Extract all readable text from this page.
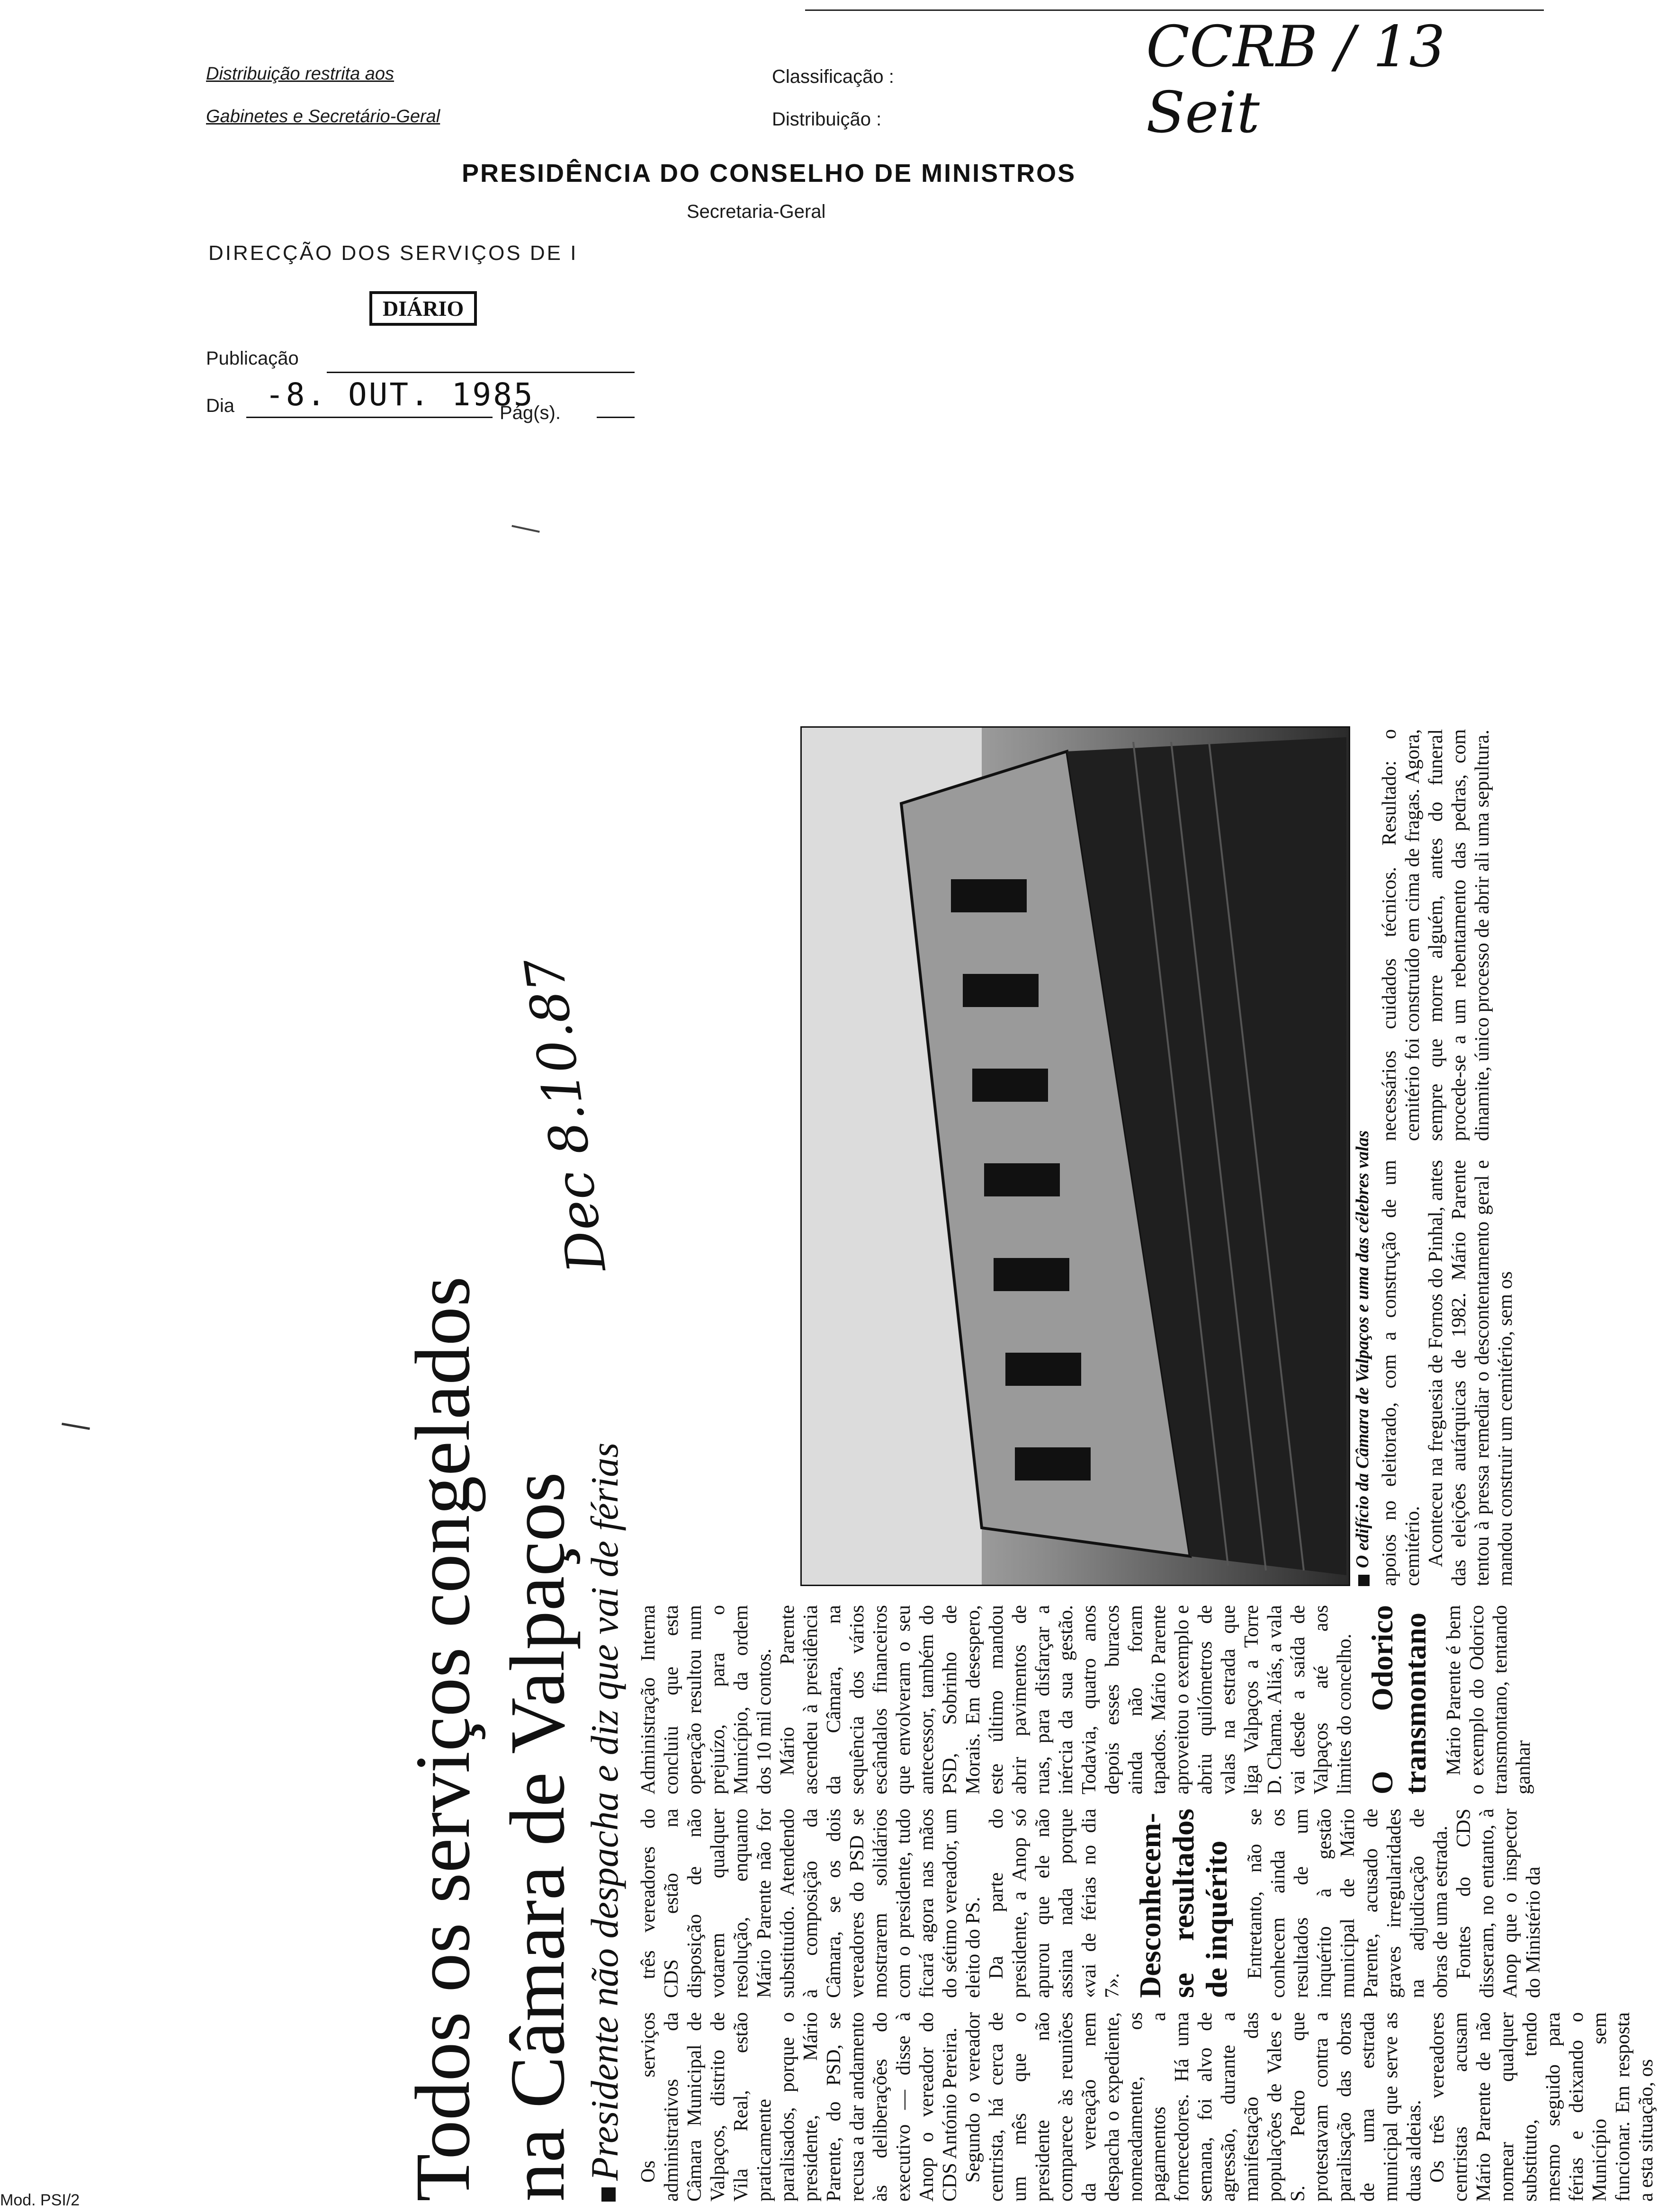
Distribuição restrita aos
Gabinetes e Secretário-Geral
Classificação :
Distribuição :
CCRB / 13 Seit
PRESIDÊNCIA DO CONSELHO DE MINISTROS
Secretaria-Geral
DIRECÇÃO DOS SERVIÇOS DE I
DIÁRIO
Publicação
Dia -8. OUT. 1985
Pág(s).
Mod. PSI/2	Todos os serviços congelados na Câmara de Valpaços
Dec 8.10.87
Presidente não despacha e diz que vai de férias Os serviços administrativos da Câmara Municipal de Valpaços, distrito de Vila Real, estão praticamente paralisados, porque o presidente, Mário Parente, do PSD, se recusa a dar andamento às deliberações do executivo — disse à Anop o vereador do CDS António Pereira. Segundo o vereador centrista, há cerca de um mês que o presidente não comparece às reuniões da vereação nem despacha o expediente, nomeadamente, os pagamentos a fornecedores. Há uma semana, foi alvo de agressão, durante a manifestação das populações de Vales e S. Pedro que protestavam contra a paralisação das obras de uma estrada municipal que serve as duas aldeias. Os três vereadores centristas acusam Mário Parente de não nomear qualquer substituto, tendo mesmo seguido para férias e deixando o Município sem funcionar. Em resposta a esta situação, os

três vereadores do CDS estão na disposição de não votarem qualquer resolução, enquanto Mário Parente não for substituído. Atendendo à composição da Câmara, se os dois vereadores do PSD se mostrarem solidários com o presidente, tudo ficará agora nas mãos do sétimo vereador, um eleito do PS. Da parte do presidente, a Anop só apurou que ele não assina nada porque «vai de férias no dia 7». Desconhecem-se resultados de inquérito Entretanto, não se conhecem ainda os resultados de um inquérito à gestão municipal de Mário Parente, acusado de graves irregularidades na adjudicação de obras de uma estrada. Fontes do CDS disseram, no entanto, à Anop que o inspector do Ministério da

Administração Interna concluiu que esta operação resultou num prejuízo, para o Município, da ordem dos 10 mil contos. Mário Parente ascendeu à presidência da Câmara, na sequência dos vários escândalos financeiros que envolveram o seu antecessor, também do PSD, Sobrinho de Morais. Em desespero, este último mandou abrir pavimentos de ruas, para disfarçar a inércia da sua gestão. Todavia, quatro anos depois esses buracos ainda não foram tapados. Mário Parente aproveitou o exemplo e abriu quilómetros de valas na estrada que liga Valpaços a Torre D. Chama. Aliás, a vala vai desde a saída de Valpaços até aos limites do concelho. O Odorico transmontano Mário Parente é bem o exemplo do Odorico transmontano, tentando ganhar

O edifício da Câmara de Valpaços e uma das célebres valas apoios no eleitorado, com a construção de um cemitério. Aconteceu na freguesia de Fornos do Pinhal, antes das eleições autárquicas de 1982. Mário Parente tentou à pressa remediar o descontentamento geral e mandou construir um cemitério, sem os

necessários cuidados técnicos. Resultado: o cemitério foi construído em cima de fragas. Agora, sempre que morre alguém, antes do funeral procede-se a um rebentamento das pedras, com dinamite, único processo de abrir ali uma sepultura.
